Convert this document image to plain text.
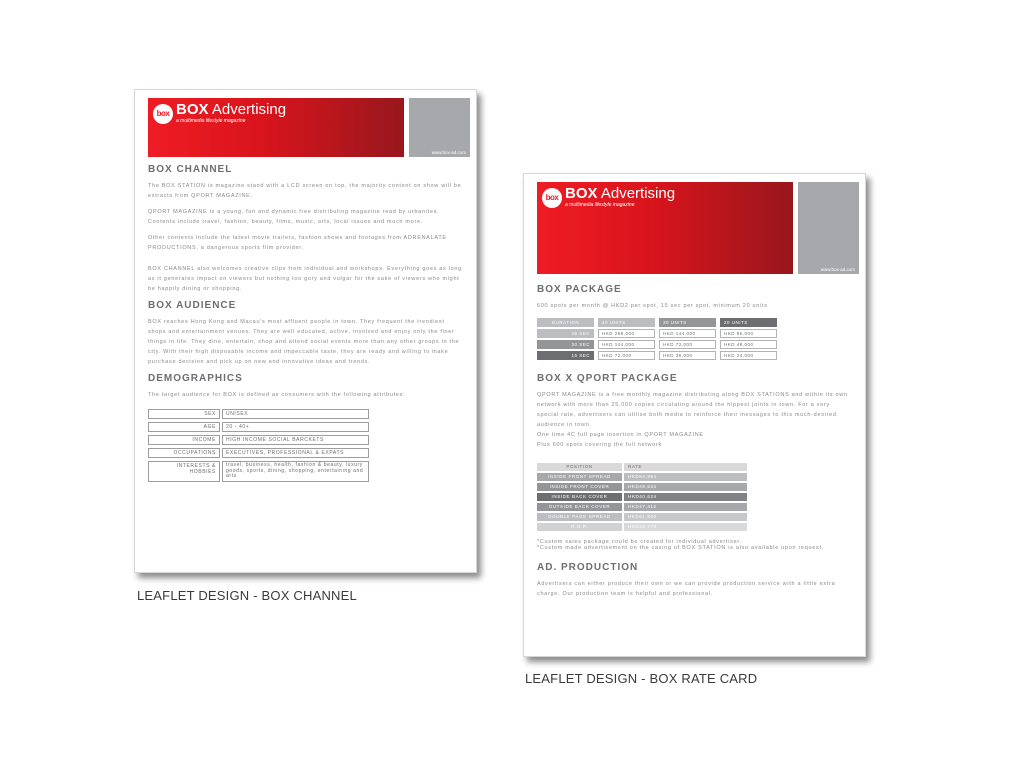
box BOX Advertising
a multimedia lifestyle magazine
www.box-ad.com
BOX CHANNEL

The BOX STATION is magazine stand with a LCD screen on top, the majority content on show will be extracts from QPORT MAGAZINE.

QPORT MAGAZINE is a young, fun and dynamic free distributing magazine read by urbanites. Contents include travel, fashion, beauty, films, music, arts, local issues and much more.

Other contents include the latest movie trailers, fashion shows and footages from ADRENALATE PRODUCTIONS, a dangerous sports film provider.

BOX CHANNEL also welcomes creative clips from individual and workshops. Everything goes as long as it generates impact on viewers but nothing too gory and vulgar for the sake of viewers who might be happily dining or shopping.

BOX AUDIENCE

BOX reaches Hong Kong and Macau's most affluent people in town. They frequent the trendiest shops and entertainment venues. They are well educated, active, involved and enjoy only the finer things in life. They dine, entertain, shop and attend social events more than any other groups in the city. With their high disposable income and impeccable taste, they are ready and willing to make purchase decision and pick up on new and innovative ideas and trends.

DEMOGRAPHICS

The target audience for BOX is defined as consumers with the following attributes:

SEX		UNISEX
AGE		20 - 40+
INCOME		HIGH INCOME SOCIAL BARCKETS
OCCUPATIONS		EXECUTIVES, PROFESSIONAL & EXPATS
INTERESTS & HOBBIES		travel, business, health, fashion & beauty, luxury goods, sports, dining, shopping, entertaining and arts
www.box-ad.com
box BOX Advertising
a multimedia lifestyle magazine
BOX PACKAGE

600 spots per month @ HKD2 per spot, 15 sec per spot, minimum 20 units

DURATION	40 UNITS	30 UNITS	20 UNITS
45 SEC	HKD 288,000	HKD 144,000	HKD 96,000
30 SEC	HKD 144,000	HKD 72,000	HKD 48,000
15 SEC	HKD 72,000	HKD 36,000	HKD 24,000
BOX X QPORT PACKAGE

QPORT MAGAZINE is a free monthly magazine distributing along BOX STATIONS and within its own network with more than 25,000 copies circulating around the hippest joints in town. For a very special rate, advertisers can utilise both media to reinforce their messages to this much-desired audience in town.

One time 4C full page insertion in QPORT MAGAZINE

Plus 600 spots covering the full network

POSITION	RATE
INSIDE FRONT SPREAD	HKD84,994
INSIDE FRONT COVER	HKD49,534
INSIDE BACK COVER	HKD40,624
OUTSIDE BACK COVER	HKD47,412
DOUBLE PAGE SPREAD	HKD61,800
R.O.P.	HKD46,778

*Custom sales package could be created for individual advertiser.

*Custom made advertisement on the casing of BOX STATION is also available upon request.

AD. PRODUCTION

Advertisers can either produce their own or we can provide production service with a little extra charge. Our production team is helpful and professional.

LEAFLET DESIGN - BOX CHANNEL
LEAFLET DESIGN - BOX RATE CARD
